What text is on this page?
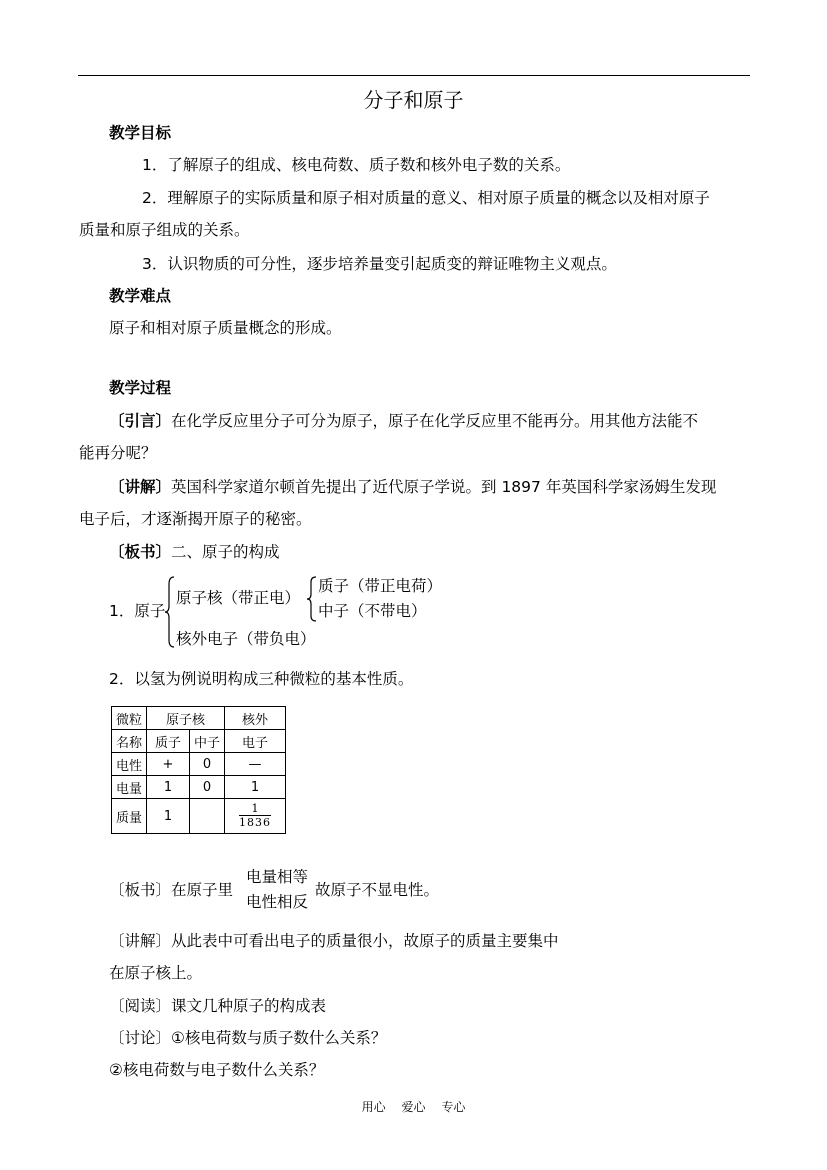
分子和原子
教学目标
1．了解原子的组成、核电荷数、质子数和核外电子数的关系。
2．理解原子的实际质量和原子相对质量的意义、相对原子质量的概念以及相对原子
质量和原子组成的关系。
3．认识物质的可分性，逐步培养量变引起质变的辩证唯物主义观点。
教学难点
原子和相对原子质量概念的形成。
教学过程
〔引言〕在化学反应里分子可分为原子，原子在化学反应里不能再分。用其他方法能不
能再分呢？
〔讲解〕英国科学家道尔顿首先提出了近代原子学说。到 1897 年英国科学家汤姆生发现
电子后，才逐渐揭开原子的秘密。
〔板书〕二、原子的构成
1．原子
原子核（带正电）
核外电子（带负电）
质子（带正电荷）
中子（不带电）
2．以氢为例说明构成三种微粒的基本性质。
微粒	原子核		核外
名称	质子	中子	电子
电性	+	0	—
电量	1	0	1
质量	1		$\frac{1}{1836}$
〔板书〕在原子里
电量相等
电性相反
故原子不显电性。
〔讲解〕从此表中可看出电子的质量很小，故原子的质量主要集中
在原子核上。
〔阅读〕课文几种原子的构成表
〔讨论〕①核电荷数与质子数什么关系？
②核电荷数与电子数什么关系？
用心 爱心 专心
